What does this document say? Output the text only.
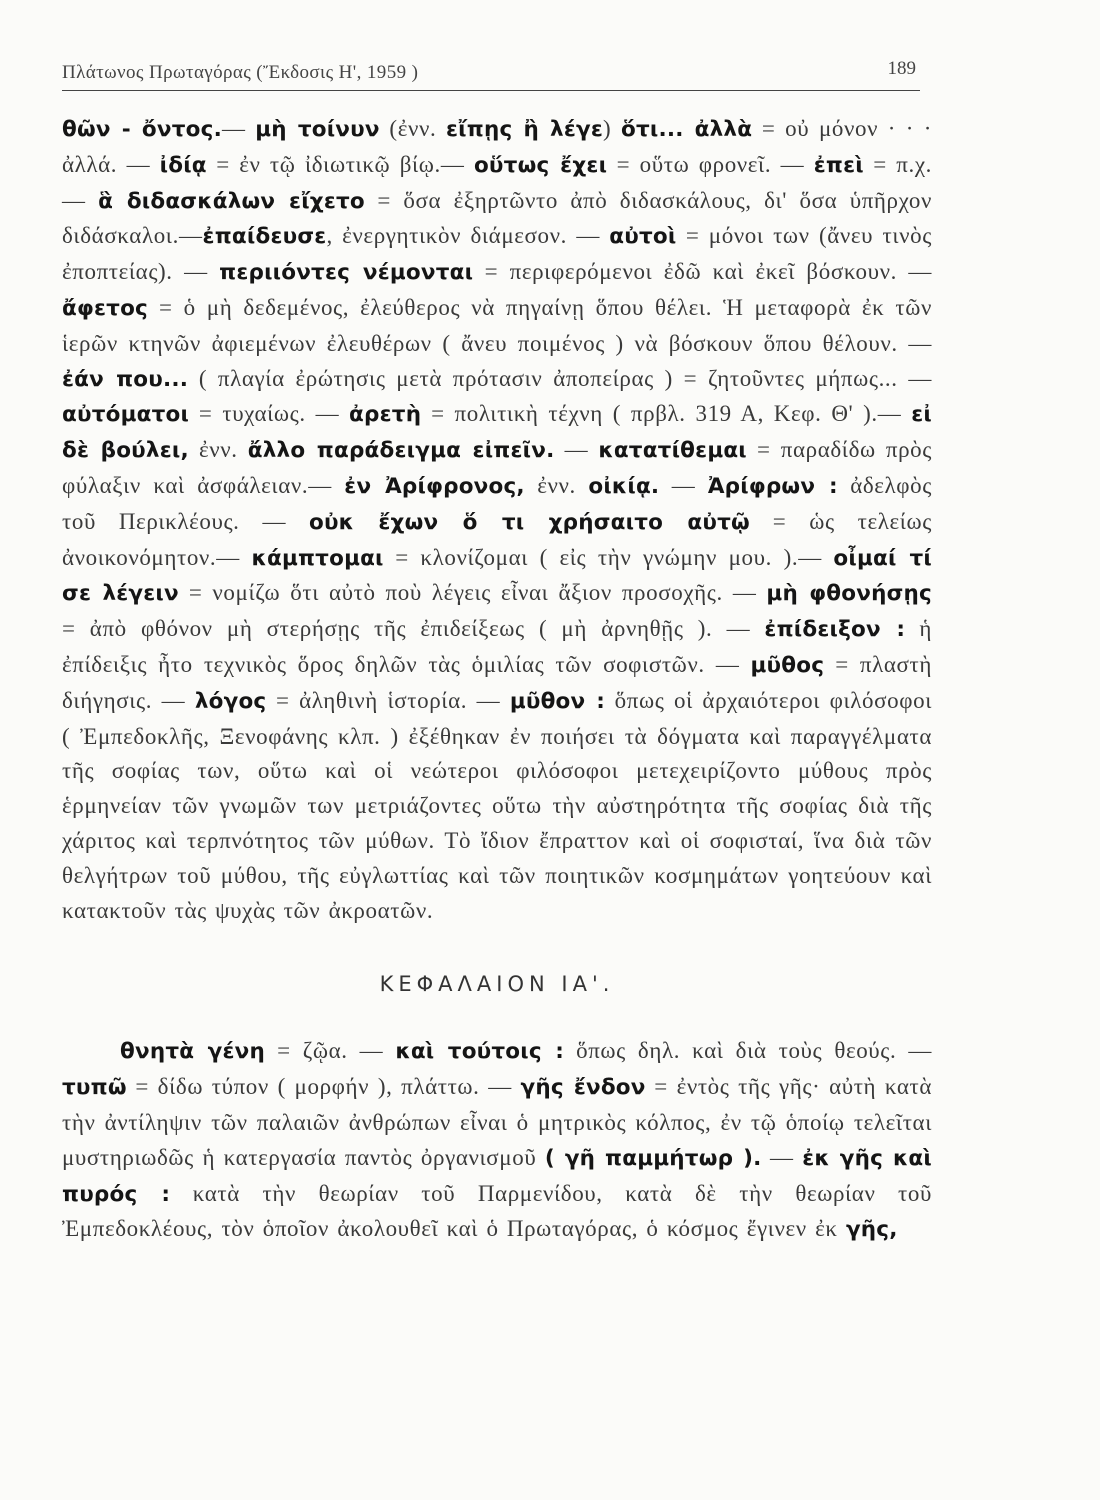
Πλάτωνος Πρωταγόρας (Ἔκδοσις Η', 1959 )	189

θῶν - ὄντος.— μὴ τοίνυν (ἐνν. εἴπῃς ἢ λέγε) ὅτι... ἀλλὰ = οὐ μόνον · · · ἀλλά. — ἰδίᾳ = ἐν τῷ ἰδιωτικῷ βίῳ.— οὕτως ἔχει = οὕτω φρονεῖ. — ἐπεὶ = π.χ. — ἃ διδασκάλων εἴχετο = ὅσα ἐξηρτῶντο ἀπὸ διδασκάλους, δι' ὅσα ὑπῆρχον διδάσκαλοι.—ἐπαίδευσε, ἐνεργητικὸν διάμεσον. — αὐτοὶ = μόνοι των (ἄνευ τινὸς ἐποπτείας). — περιιόντες νέμονται = περιφερόμενοι ἐδῶ καὶ ἐκεῖ βόσκουν. — ἄφετος = ὁ μὴ δεδεμένος, ἐλεύθερος νὰ πηγαίνῃ ὅπου θέλει. Ἡ μεταφορὰ ἐκ τῶν ἱερῶν κτηνῶν ἀφιεμένων ἐλευθέρων ( ἄνευ ποιμένος ) νὰ βόσκουν ὅπου θέλουν. — ἐάν που... ( πλαγία ἐρώτησις μετὰ πρότασιν ἀποπείρας ) = ζητοῦντες μήπως... — αὐτόματοι = τυχαίως. — ἀρετὴ = πολιτικὴ τέχνη ( πρβλ. 319 Α, Κεφ. Θ' ).— εἰ δὲ βούλει, ἐνν. ἄλλο παράδειγμα εἰπεῖν. — κατατίθεμαι = παραδίδω πρὸς φύλαξιν καὶ ἀσφάλειαν.— ἐν Ἀρίφρονος, ἐνν. οἰκίᾳ. — Ἀρίφρων : ἀδελφὸς τοῦ Περικλέους. — οὐκ ἔχων ὅ τι χρήσαιτο αὐτῷ = ὡς τελείως ἀνοικονόμητον.— κάμπτομαι = κλονίζομαι ( εἰς τὴν γνώμην μου. ).— οἶμαί τί σε λέγειν = νομίζω ὅτι αὐτὸ ποὺ λέγεις εἶναι ἄξιον προσοχῆς. — μὴ φθονήσῃς = ἀπὸ φθόνον μὴ στερήσῃς τῆς ἐπιδείξεως ( μὴ ἀρνηθῇς ). — ἐπίδειξον : ἡ ἐπίδειξις ἦτο τεχνικὸς ὅρος δηλῶν τὰς ὁμιλίας τῶν σοφιστῶν. — μῦθος = πλαστὴ διήγησις. — λόγος = ἀληθινὴ ἱστορία. — μῦθον : ὅπως οἱ ἀρχαιότεροι φιλόσοφοι ( Ἐμπεδοκλῆς, Ξενοφάνης κλπ. ) ἐξέθηκαν ἐν ποιήσει τὰ δόγματα καὶ παραγγέλματα τῆς σοφίας των, οὕτω καὶ οἱ νεώτεροι φιλόσοφοι μετεχειρίζοντο μύθους πρὸς ἑρμηνείαν τῶν γνωμῶν των μετριάζοντες οὕτω τὴν αὐστηρότητα τῆς σοφίας διὰ τῆς χάριτος καὶ τερπνότητος τῶν μύθων. Τὸ ἴδιον ἔπραττον καὶ οἱ σοφισταί, ἵνα διὰ τῶν θελγήτρων τοῦ μύθου, τῆς εὐγλωττίας καὶ τῶν ποιητικῶν κοσμημάτων γοητεύουν καὶ κατακτοῦν τὰς ψυχὰς τῶν ἀκροατῶν.

ΚΕΦΑΛΑΙΟΝ ΙΑ'.

θνητὰ γένη = ζῷα. — καὶ τούτοις : ὅπως δηλ. καὶ διὰ τοὺς θεούς. — τυπῶ = δίδω τύπον ( μορφήν ), πλάττω. — γῆς ἔνδον = ἐντὸς τῆς γῆς· αὐτὴ κατὰ τὴν ἀντίληψιν τῶν παλαιῶν ἀνθρώπων εἶναι ὁ μητρικὸς κόλπος, ἐν τῷ ὁποίῳ τελεῖται μυστηριωδῶς ἡ κατεργασία παντὸς ὀργανισμοῦ ( γῆ παμμήτωρ ). — ἐκ γῆς καὶ πυρός : κατὰ τὴν θεωρίαν τοῦ Παρμενίδου, κατὰ δὲ τὴν θεωρίαν τοῦ Ἐμπεδοκλέους, τὸν ὁποῖον ἀκολουθεῖ καὶ ὁ Πρωταγόρας, ὁ κόσμος ἔγινεν ἐκ γῆς,
